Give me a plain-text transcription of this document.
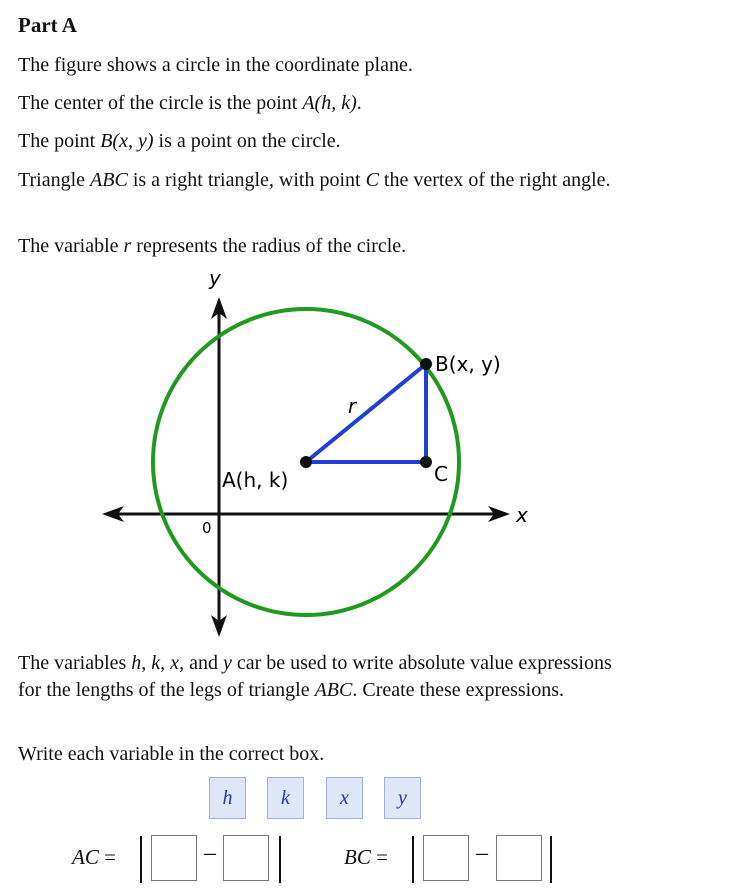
Part A
The figure shows a circle in the coordinate plane.
The center of the circle is the point A(h, k).
The point B(x, y) is a point on the circle.
Triangle ABC is a right triangle, with point C the vertex of the right angle.
The variable r represents the radius of the circle.
y
x
0
A(h, k)
B(x, y)
C
r
The variables h, k, x, and y car be used to write absolute value expressions for the lengths of the legs of triangle ABC. Create these expressions.
Write each variable in the correct box.
h	k	x	y
AC =	–	BC =	–
